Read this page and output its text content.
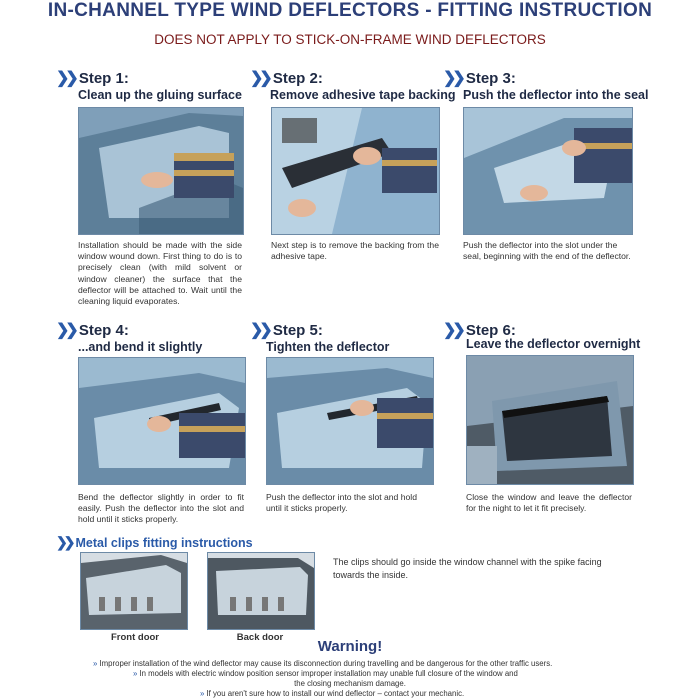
IN-CHANNEL TYPE WIND DEFLECTORS - FITTING INSTRUCTION
DOES NOT APPLY TO STICK-ON-FRAME WIND DEFLECTORS
❯❯ Step 1:
Clean up the gluing surface
Installation should be made with the side window wound down. First thing to do is to precisely clean (with mild solvent or window cleaner) the surface that the deflector will be attached to. Wait until the cleaning liquid evaporates.
❯❯ Step 2:
Remove adhesive tape backing
Next step is to remove the backing from the adhesive tape.
❯❯ Step 3:
Push the deflector into the seal
Push the deflector into the slot under the seal, beginning with the end of the deflector.
❯❯ Step 4:
...and bend it slightly
Bend the deflector slightly in order to fit easily. Push the deflector into the slot and hold until it sticks properly.
❯❯ Step 5:
Tighten the deflector
Push the deflector into the slot and hold until it sticks properly.
❯❯ Step 6:
Leave the deflector overnight
Close the window and leave the deflector for the night to let it fit precisely.
❯❯ Metal clips fitting instructions
Front door	Back door
The clips should go inside the window channel with the spike facing towards the inside.
Warning!
» Improper installation of the wind deflector may cause its disconnection during travelling and be dangerous for the other traffic users.
» In models with electric window position sensor improper installation may unable full closure of the window and
the closing mechanism damage.
» If you aren't sure how to install our wind deflector – contact your mechanic.
